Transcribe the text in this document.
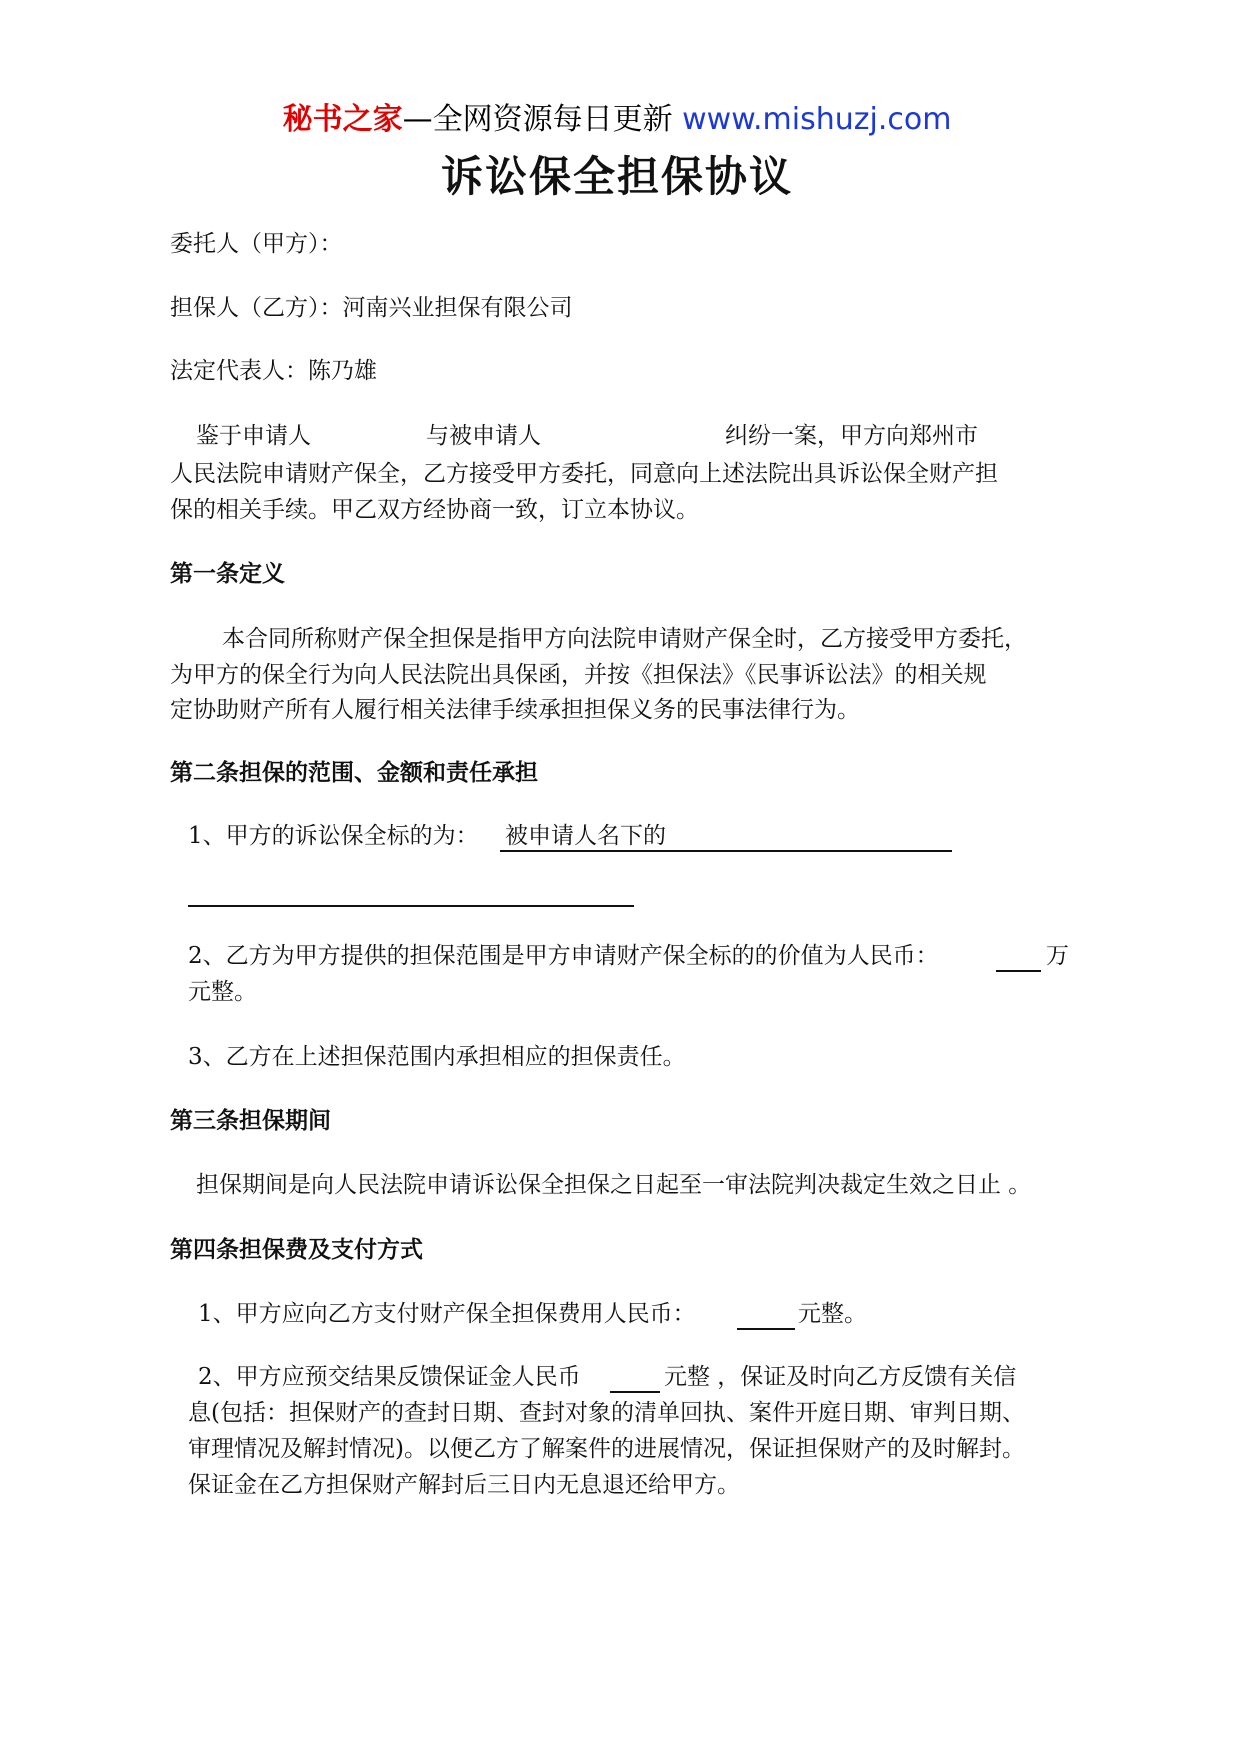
秘书之家—全网资源每日更新 www.mishuzj.com
诉讼保全担保协议
委托人（甲方）：
担保人（乙方）：河南兴业担保有限公司
法定代表人：陈乃雄
鉴于申请人	与被申请人	纠纷一案，甲方向郑州市
人民法院申请财产保全，乙方接受甲方委托，同意向上述法院出具诉讼保全财产担
保的相关手续。甲乙双方经协商一致，订立本协议。
第一条定义
本合同所称财产保全担保是指甲方向法院申请财产保全时，乙方接受甲方委托，
为甲方的保全行为向人民法院出具保函，并按《担保法》《民事诉讼法》的相关规
定协助财产所有人履行相关法律手续承担担保义务的民事法律行为。
第二条担保的范围、金额和责任承担
1、甲方的诉讼保全标的为： 被申请人名下的
2、乙方为甲方提供的担保范围是甲方申请财产保全标的的价值为人民币：	万
元整。
3、乙方在上述担保范围内承担相应的担保责任。
第三条担保期间
担保期间是向人民法院申请诉讼保全担保之日起至一审法院判决裁定生效之日止 。
第四条担保费及支付方式
1、甲方应向乙方支付财产保全担保费用人民币：	元整。
2、甲方应预交结果反馈保证金人民币	元整 ，保证及时向乙方反馈有关信
息(包括：担保财产的查封日期、查封对象的清单回执、案件开庭日期、审判日期、
审理情况及解封情况)。以便乙方了解案件的进展情况，保证担保财产的及时解封。
保证金在乙方担保财产解封后三日内无息退还给甲方。
